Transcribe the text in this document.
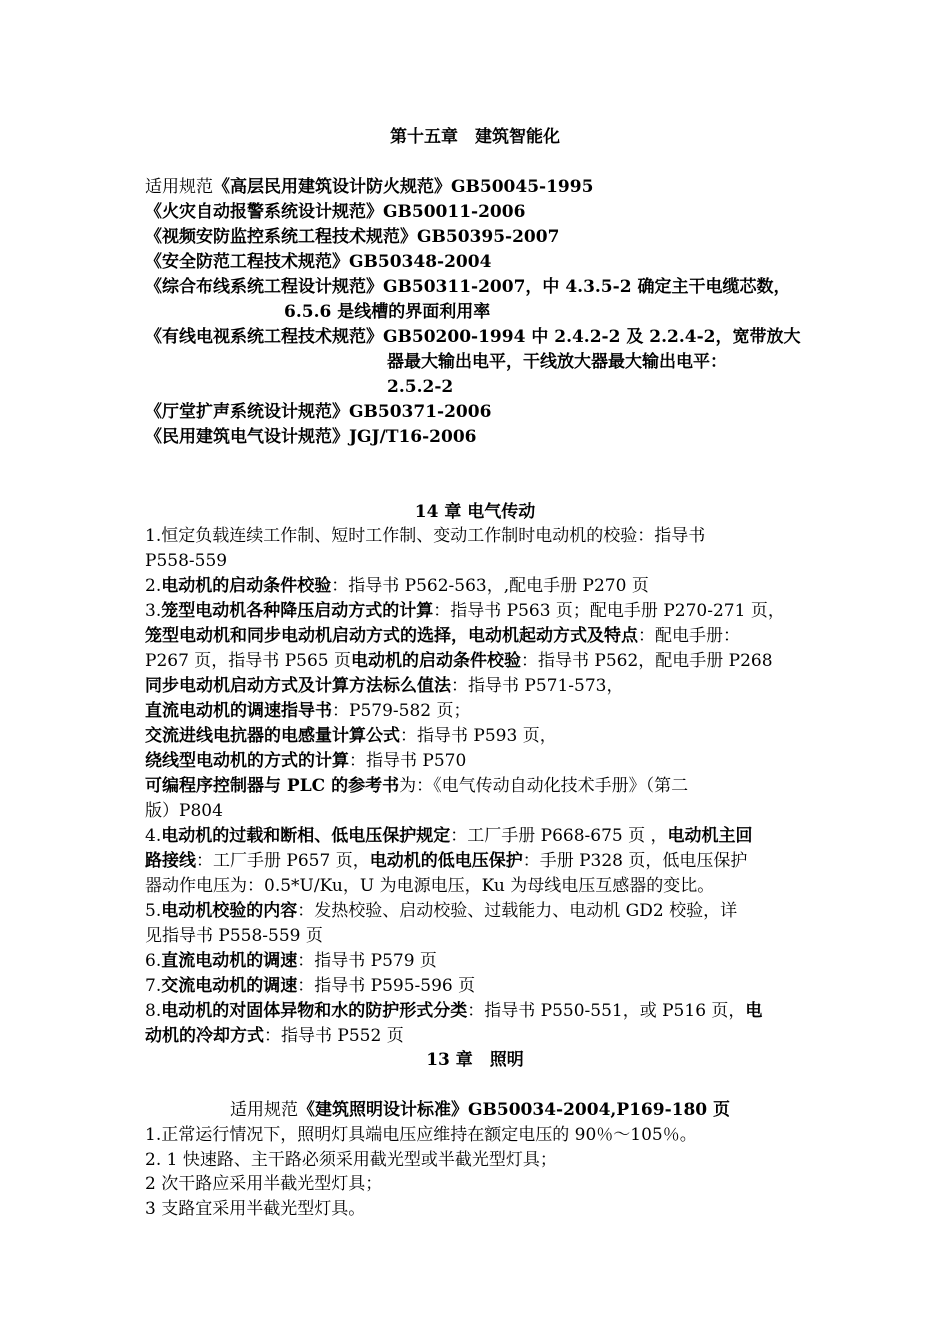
第十五章　建筑智能化
适用规范《高层民用建筑设计防火规范》GB50045-1995
《火灾自动报警系统设计规范》GB50011-2006
《视频安防监控系统工程技术规范》GB50395-2007
《安全防范工程技术规范》GB50348-2004
《综合布线系统工程设计规范》GB50311-2007，中 4.3.5-2 确定主干电缆芯数，
6.5.6 是线槽的界面利用率
《有线电视系统工程技术规范》GB50200-1994 中 2.4.2-2 及 2.2.4-2，宽带放大
器最大输出电平，干线放大器最大输出电平：
2.5.2-2
《厅堂扩声系统设计规范》GB50371-2006
《民用建筑电气设计规范》JGJ/T16-2006
14 章 电气传动
1.恒定负载连续工作制、短时工作制、变动工作制时电动机的校验：指导书
P558-559
2.电动机的启动条件校验：指导书 P562-563，,配电手册 P270 页
3.笼型电动机各种降压启动方式的计算：指导书 P563 页；配电手册 P270-271 页，
笼型电动机和同步电动机启动方式的选择，电动机起动方式及特点：配电手册：
P267 页，指导书 P565 页电动机的启动条件校验：指导书 P562，配电手册 P268
同步电动机启动方式及计算方法标么值法：指导书 P571-573，
直流电动机的调速指导书：P579-582 页；
交流进线电抗器的电感量计算公式：指导书 P593 页，
绕线型电动机的方式的计算：指导书 P570
可编程序控制器与 PLC 的参考书为：《电气传动自动化技术手册》（第二
版）P804
4.电动机的过载和断相、低电压保护规定：工厂手册 P668-675 页 ，电动机主回
路接线：工厂手册 P657 页，电动机的低电压保护：手册 P328 页，低电压保护
器动作电压为：0.5*U/Ku，U 为电源电压，Ku 为母线电压互感器的变比。
5.电动机校验的内容：发热校验、启动校验、过载能力、电动机 GD2 校验，详
见指导书 P558-559 页
6.直流电动机的调速：指导书 P579 页
7.交流电动机的调速：指导书 P595-596 页
8.电动机的对固体异物和水的防护形式分类：指导书 P550-551，或 P516 页，电
动机的冷却方式：指导书 P552 页
13 章　照明
适用规范《建筑照明设计标准》GB50034-2004,P169-180 页
1.正常运行情况下，照明灯具端电压应维持在额定电压的 90％～105％。
2. 1 快速路、主干路必须采用截光型或半截光型灯具；
2 次干路应采用半截光型灯具；
3 支路宜采用半截光型灯具。
